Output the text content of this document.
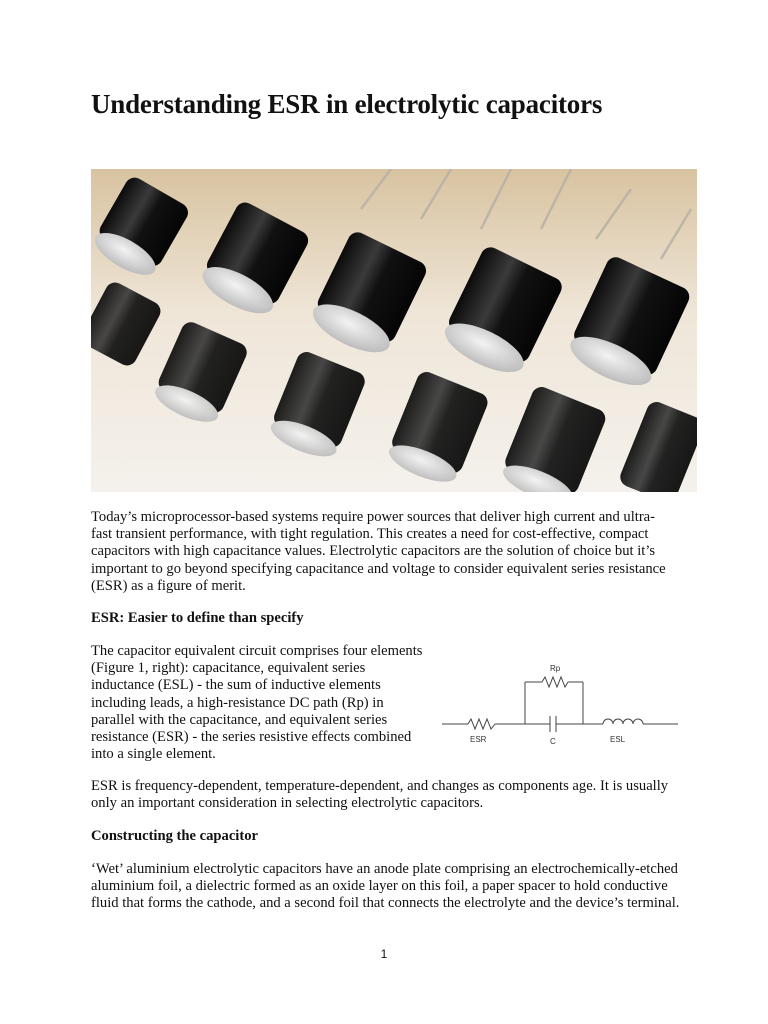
Understanding ESR in electrolytic capacitors

Today’s microprocessor-based systems require power sources that deliver high current and ultra-fast transient performance, with tight regulation. This creates a need for cost-effective, compact capacitors with high capacitance values. Electrolytic capacitors are the solution of choice but it’s important to go beyond specifying capacitance and voltage to consider equivalent series resistance (ESR) as a figure of merit.

ESR: Easier to define than specify

The capacitor equivalent circuit comprises four elements (Figure 1, right): capacitance, equivalent series inductance (ESL) - the sum of inductive elements including leads, a high-resistance DC path (Rp) in parallel with the capacitance, and equivalent series resistance (ESR) - the series resistive effects combined into a single element.

Rp
ESR	C	ESL

ESR is frequency-dependent, temperature-dependent, and changes as components age. It is usually only an important consideration in selecting electrolytic capacitors.

Constructing the capacitor

‘Wet’ aluminium electrolytic capacitors have an anode plate comprising an electrochemically-etched aluminium foil, a dielectric formed as an oxide layer on this foil, a paper spacer to hold conductive fluid that forms the cathode, and a second foil that connects the electrolyte and the device’s terminal.

1
